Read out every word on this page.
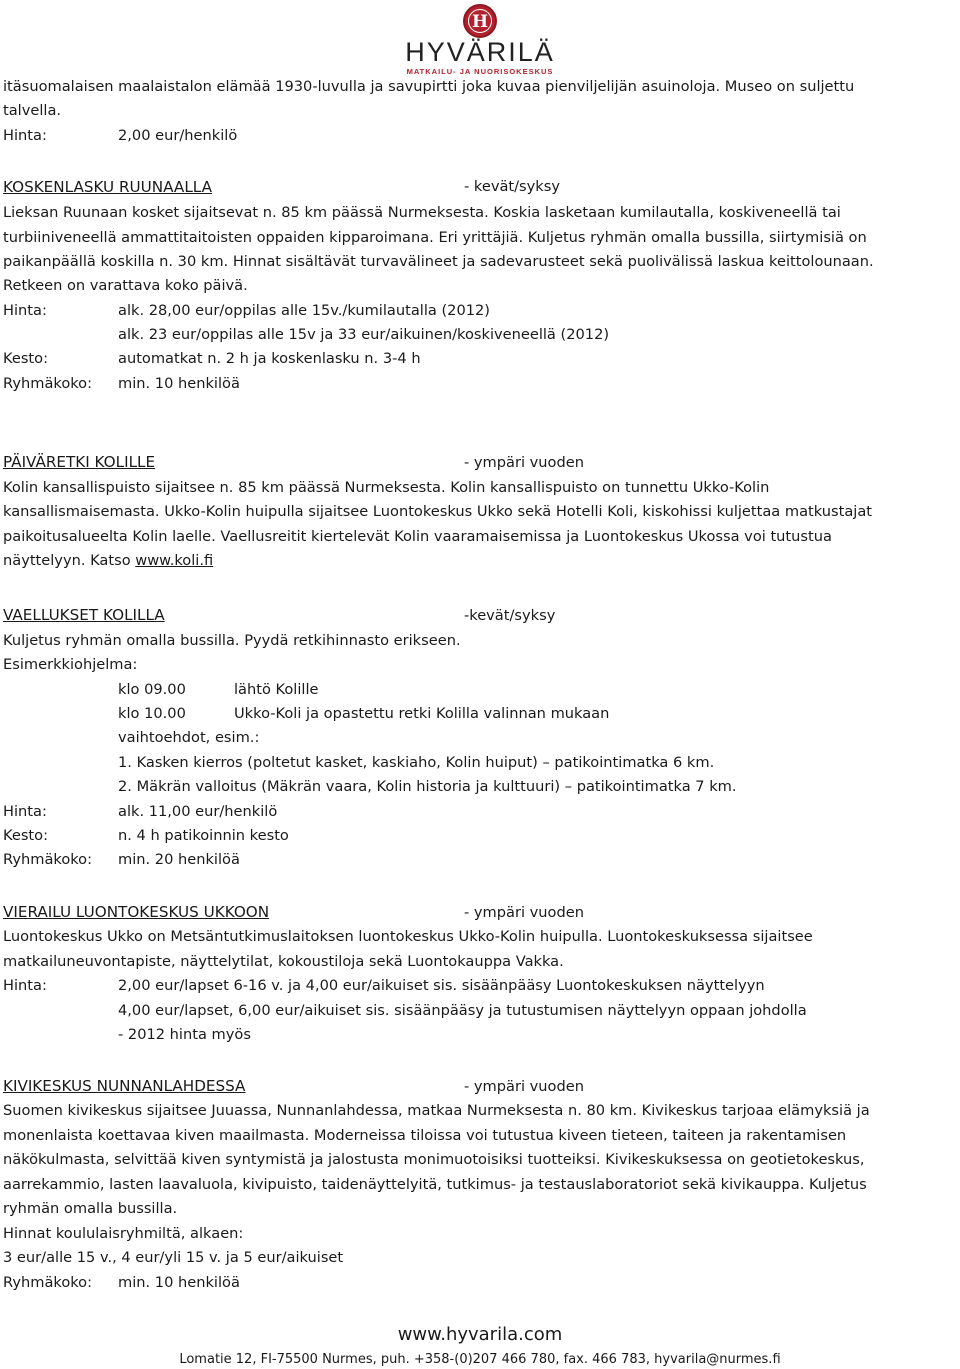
H
HYVÄRILÄ
MATKAILU- JA NUORISOKESKUS
itäsuomalaisen maalaistalon elämää 1930-luvulla ja savupirtti joka kuvaa pienviljelijän asuinoloja. Museo on suljettu
talvella.
Hinta:	2,00 eur/henkilö
KOSKENLASKU RUUNAALLA	- kevät/syksy
Lieksan Ruunaan kosket sijaitsevat n. 85 km päässä Nurmeksesta. Koskia lasketaan kumilautalla, koskiveneellä tai
turbiiniveneellä ammattitaitoisten oppaiden kipparoimana. Eri yrittäjiä. Kuljetus ryhmän omalla bussilla, siirtymisiä on
paikanpäällä koskilla n. 30 km. Hinnat sisältävät turvavälineet ja sadevarusteet sekä puolivälissä laskua keittolounaan.
Retkeen on varattava koko päivä.
Hinta:	alk. 28,00 eur/oppilas alle 15v./kumilautalla (2012)
alk. 23 eur/oppilas alle 15v ja 33 eur/aikuinen/koskiveneellä (2012)
Kesto:	automatkat n. 2 h ja koskenlasku n. 3-4 h
Ryhmäkoko: min. 10 henkilöä
PÄIVÄRETKI KOLILLE	- ympäri vuoden
Kolin kansallispuisto sijaitsee n. 85 km päässä Nurmeksesta. Kolin kansallispuisto on tunnettu Ukko-Kolin
kansallismaisemasta. Ukko-Kolin huipulla sijaitsee Luontokeskus Ukko sekä Hotelli Koli, kiskohissi kuljettaa matkustajat
paikoitusalueelta Kolin laelle. Vaellusreitit kiertelevät Kolin vaaramaisemissa ja Luontokeskus Ukossa voi tutustua
näyttelyyn. Katso www.koli.fi
VAELLUKSET KOLILLA	-kevät/syksy
Kuljetus ryhmän omalla bussilla. Pyydä retkihinnasto erikseen.
Esimerkkiohjelma:
klo 09.00	lähtö Kolille
klo 10.00	Ukko-Koli ja opastettu retki Kolilla valinnan mukaan
vaihtoehdot, esim.:
1. Kasken kierros (poltetut kasket, kaskiaho, Kolin huiput) – patikointimatka 6 km.
2. Mäkrän valloitus (Mäkrän vaara, Kolin historia ja kulttuuri) – patikointimatka 7 km.
Hinta:	alk. 11,00 eur/henkilö
Kesto:	n. 4 h patikoinnin kesto
Ryhmäkoko: min. 20 henkilöä
VIERAILU LUONTOKESKUS UKKOON	- ympäri vuoden
Luontokeskus Ukko on Metsäntutkimuslaitoksen luontokeskus Ukko-Kolin huipulla. Luontokeskuksessa sijaitsee
matkailuneuvontapiste, näyttelytilat, kokoustiloja sekä Luontokauppa Vakka.
Hinta:	2,00 eur/lapset 6-16 v. ja 4,00 eur/aikuiset sis. sisäänpääsy Luontokeskuksen näyttelyyn
4,00 eur/lapset, 6,00 eur/aikuiset sis. sisäänpääsy ja tutustumisen näyttelyyn oppaan johdolla
- 2012 hinta myös
KIVIKESKUS NUNNANLAHDESSA	- ympäri vuoden
Suomen kivikeskus sijaitsee Juuassa, Nunnanlahdessa, matkaa Nurmeksesta n. 80 km. Kivikeskus tarjoaa elämyksiä ja
monenlaista koettavaa kiven maailmasta. Moderneissa tiloissa voi tutustua kiveen tieteen, taiteen ja rakentamisen
näkökulmasta, selvittää kiven syntymistä ja jalostusta monimuotoisiksi tuotteiksi. Kivikeskuksessa on geotietokeskus,
aarrekammio, lasten laavaluola, kivipuisto, taidenäyttelyitä, tutkimus- ja testauslaboratoriot sekä kivikauppa. Kuljetus
ryhmän omalla bussilla.
Hinnat koululaisryhmiltä, alkaen:
3 eur/alle 15 v., 4 eur/yli 15 v. ja 5 eur/aikuiset
Ryhmäkoko: min. 10 henkilöä
www.hyvarila.com
Lomatie 12, FI-75500 Nurmes, puh. +358-(0)207 466 780, fax. 466 783, hyvarila@nurmes.fi
